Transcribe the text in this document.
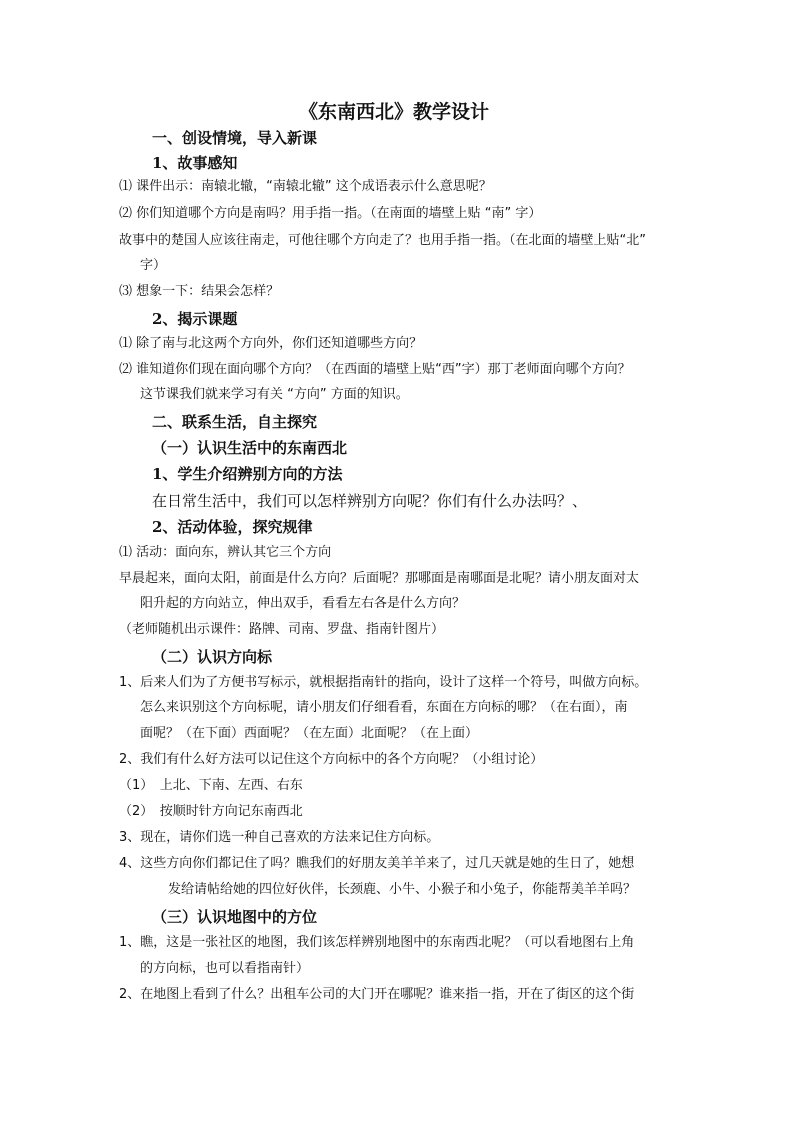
《东南西北》教学设计
一、创设情境，导入新课
1、故事感知
⑴ 课件出示：南辕北辙，“南辕北辙” 这个成语表示什么意思呢？
⑵ 你们知道哪个方向是南吗？用手指一指。（在南面的墙壁上贴 “南” 字）
故事中的楚国人应该往南走，可他往哪个方向走了？也用手指一指。（在北面的墙壁上贴“北”
字）
⑶ 想象一下：结果会怎样？
2、揭示课题
⑴ 除了南与北这两个方向外，你们还知道哪些方向？
⑵ 谁知道你们现在面向哪个方向？（在西面的墙壁上贴“西”字）那丁老师面向哪个方向？
这节课我们就来学习有关 “方向” 方面的知识。
二、联系生活，自主探究
（一）认识生活中的东南西北
1、学生介绍辨别方向的方法
在日常生活中，我们可以怎样辨别方向呢？你们有什么办法吗？、
2、活动体验，探究规律
⑴ 活动：面向东，辨认其它三个方向
早晨起来，面向太阳，前面是什么方向？后面呢？那哪面是南哪面是北呢？请小朋友面对太
阳升起的方向站立，伸出双手，看看左右各是什么方向？
（老师随机出示课件：路牌、司南、罗盘、指南针图片）
（二）认识方向标
1、后来人们为了方便书写标示，就根据指南针的指向，设计了这样一个符号，叫做方向标。
怎么来识别这个方向标呢，请小朋友们仔细看看，东面在方向标的哪？（在右面），南
面呢？（在下面）西面呢？（在左面）北面呢？（在上面）
2、我们有什么好方法可以记住这个方向标中的各个方向呢？（小组讨论）
（1）　上北、下南、左西、右东
（2）　按顺时针方向记东南西北
3、现在，请你们选一种自己喜欢的方法来记住方向标。
4、这些方向你们都记住了吗？瞧我们的好朋友美羊羊来了，过几天就是她的生日了，她想
发给请帖给她的四位好伙伴，长颈鹿、小牛、小猴子和小兔子，你能帮美羊羊吗？
（三）认识地图中的方位
1、瞧，这是一张社区的地图，我们该怎样辨别地图中的东南西北呢？（可以看地图右上角
的方向标，也可以看指南针）
2、在地图上看到了什么？出租车公司的大门开在哪呢？谁来指一指，开在了街区的这个街
